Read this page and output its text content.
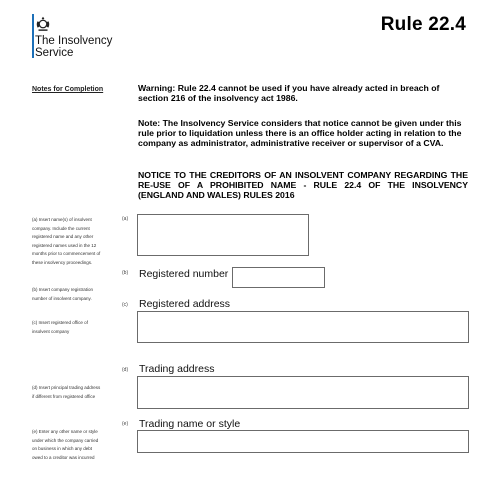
The Insolvency
Service
Rule 22.4
Notes for Completion
(a) Insert name(s) of insolvent
company. Include the current
registered name and any other
registered names used in the 12
months prior to commencement of
these insolvency proceedings.
(b) Insert company registration
number of insolvent company.
(c) Insert registered office of
insolvent company
(d) Insert principal trading address
if different from registered office
(e) Enter any other name or style
under which the company carried
on business in which any debt
owed to a creditor was incurred
Warning: Rule 22.4 cannot be used if you have already acted in breach of section 216 of the insolvency act 1986.
Note: The Insolvency Service considers that notice cannot be given under this rule prior to liquidation unless there is an office holder acting in relation to the company as administrator, administrative receiver or supervisor of a CVA.
NOTICE TO THE CREDITORS OF AN INSOLVENT COMPANY REGARDING THE RE-USE OF A PROHIBITED NAME - RULE 22.4 OF THE INSOLVENCY (ENGLAND AND WALES) RULES 2016
(a)
(b) Registered number
(c) Registered address
(d) Trading address
(e) Trading name or style
